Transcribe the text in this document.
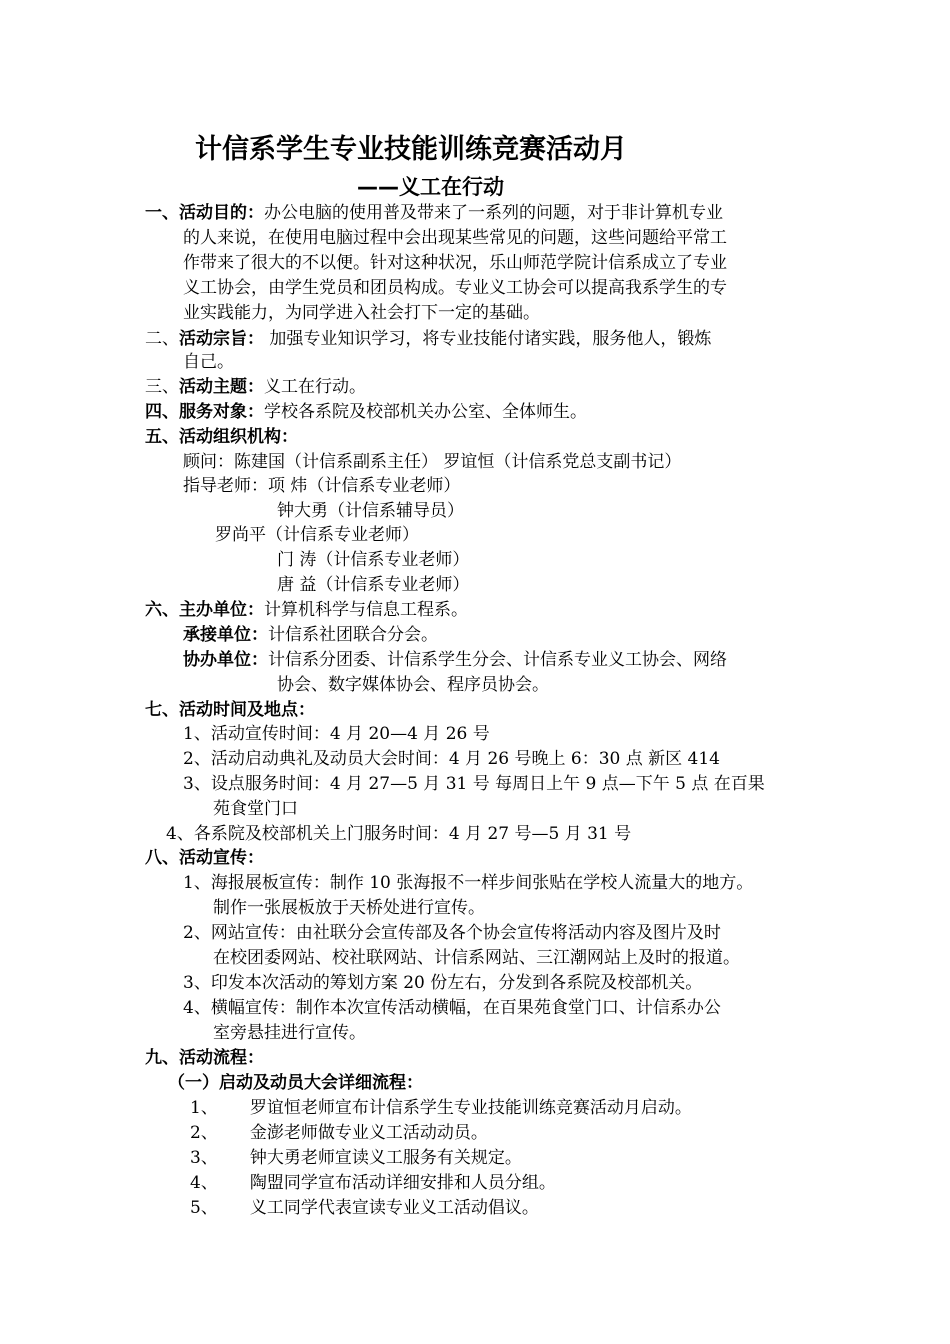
计信系学生专业技能训练竞赛活动月
——义工在行动
一、活动目的：办公电脑的使用普及带来了一系列的问题，对于非计算机专业
的人来说，在使用电脑过程中会出现某些常见的问题，这些问题给平常工
作带来了很大的不以便。针对这种状况，乐山师范学院计信系成立了专业
义工协会，由学生党员和团员构成。专业义工协会可以提高我系学生的专
业实践能力，为同学进入社会打下一定的基础。
二、活动宗旨： 加强专业知识学习，将专业技能付诸实践，服务他人，锻炼
自己。
三、活动主题：义工在行动。
四、服务对象：学校各系院及校部机关办公室、全体师生。
五、活动组织机构：
顾问：陈建国（计信系副系主任） 罗谊恒（计信系党总支副书记）
指导老师：项 炜（计信系专业老师）
钟大勇（计信系辅导员）
罗尚平（计信系专业老师）
门 涛（计信系专业老师）
唐 益（计信系专业老师）
六、主办单位：计算机科学与信息工程系。
承接单位：计信系社团联合分会。
协办单位：计信系分团委、计信系学生分会、计信系专业义工协会、网络
协会、数字媒体协会、程序员协会。
七、活动时间及地点：
1、活动宣传时间：4 月 20—4 月 26 号
2、活动启动典礼及动员大会时间：4 月 26 号晚上 6：30 点 新区 414
3、设点服务时间：4 月 27—5 月 31 号 每周日上午 9 点—下午 5 点 在百果
苑食堂门口
4、各系院及校部机关上门服务时间：4 月 27 号—5 月 31 号
八、活动宣传：
1、海报展板宣传：制作 10 张海报不一样步间张贴在学校人流量大的地方。
制作一张展板放于天桥处进行宣传。
2、网站宣传：由社联分会宣传部及各个协会宣传将活动内容及图片及时
在校团委网站、校社联网站、计信系网站、三江潮网站上及时的报道。
3、印发本次活动的筹划方案 20 份左右，分发到各系院及校部机关。
4、横幅宣传：制作本次宣传活动横幅，在百果苑食堂门口、计信系办公
室旁悬挂进行宣传。
九、活动流程：
（一）启动及动员大会详细流程：
1、 罗谊恒老师宣布计信系学生专业技能训练竞赛活动月启动。
2、 金澎老师做专业义工活动动员。
3、 钟大勇老师宣读义工服务有关规定。
4、 陶盟同学宣布活动详细安排和人员分组。
5、 义工同学代表宣读专业义工活动倡议。
